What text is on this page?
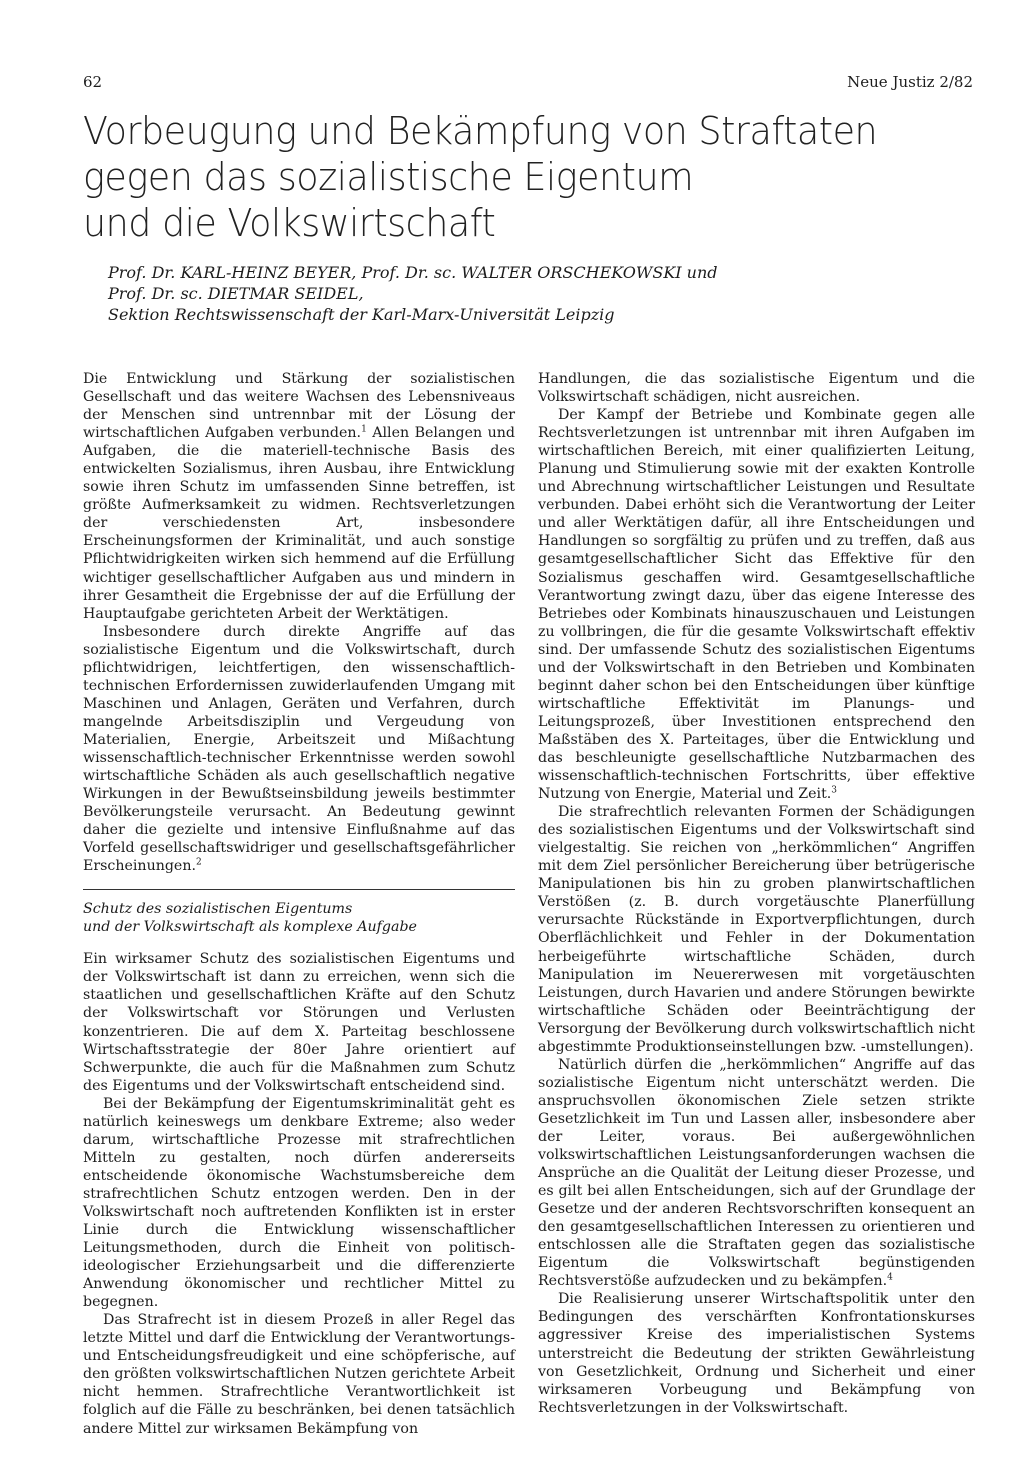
62	Neue Justiz 2/82
Vorbeugung und Bekämpfung von Straftaten
gegen das sozialistische Eigentum
und die Volkswirtschaft
Prof. Dr. KARL-HEINZ BEYER, Prof. Dr. sc. WALTER ORSCHEKOWSKI und
Prof. Dr. sc. DIETMAR SEIDEL,
Sektion Rechtswissenschaft der Karl-Marx-Universität Leipzig

Die Entwicklung und Stärkung der sozialistischen Gesellschaft und das weitere Wachsen des Lebensniveaus der Menschen sind untrennbar mit der Lösung der wirtschaftlichen Aufgaben verbunden.$^1$ Allen Belangen und Aufgaben, die die materiell-technische Basis des entwickelten Sozialismus, ihren Ausbau, ihre Entwicklung sowie ihren Schutz im umfassenden Sinne betreffen, ist größte Aufmerksamkeit zu widmen. Rechtsverletzungen der verschiedensten Art, insbesondere Erscheinungsformen der Kriminalität, und auch sonstige Pflichtwidrigkeiten wirken sich hemmend auf die Erfüllung wichtiger gesellschaftlicher Aufgaben aus und mindern in ihrer Gesamtheit die Ergebnisse der auf die Erfüllung der Hauptaufgabe gerichteten Arbeit der Werktätigen.

Insbesondere durch direkte Angriffe auf das sozialistische Eigentum und die Volkswirtschaft, durch pflichtwidrigen, leichtfertigen, den wissenschaftlich-technischen Erfordernissen zuwiderlaufenden Umgang mit Maschinen und Anlagen, Geräten und Verfahren, durch mangelnde Arbeitsdisziplin und Vergeudung von Materialien, Energie, Arbeitszeit und Mißachtung wissenschaftlich-technischer Erkenntnisse werden sowohl wirtschaftliche Schäden als auch gesellschaftlich negative Wirkungen in der Bewußtseinsbildung jeweils bestimmter Bevölkerungsteile verursacht. An Bedeutung gewinnt daher die gezielte und intensive Einflußnahme auf das Vorfeld gesellschaftswidriger und gesellschaftsgefährlicher Erscheinungen.$^2$

Schutz des sozialistischen Eigentums
und der Volkswirtschaft als komplexe Aufgabe

Ein wirksamer Schutz des sozialistischen Eigentums und der Volkswirtschaft ist dann zu erreichen, wenn sich die staatlichen und gesellschaftlichen Kräfte auf den Schutz der Volkswirtschaft vor Störungen und Verlusten konzentrieren. Die auf dem X. Parteitag beschlossene Wirtschaftsstrategie der 80er Jahre orientiert auf Schwerpunkte, die auch für die Maßnahmen zum Schutz des Eigentums und der Volkswirtschaft entscheidend sind.

Bei der Bekämpfung der Eigentumskriminalität geht es natürlich keineswegs um denkbare Extreme; also weder darum, wirtschaftliche Prozesse mit strafrechtlichen Mitteln zu gestalten, noch dürfen andererseits entscheidende ökonomische Wachstumsbereiche dem strafrechtlichen Schutz entzogen werden. Den in der Volkswirtschaft noch auftretenden Konflikten ist in erster Linie durch die Entwicklung wissenschaftlicher Leitungsmethoden, durch die Einheit von politisch-ideologischer Erziehungsarbeit und die differenzierte Anwendung ökonomischer und rechtlicher Mittel zu begegnen.

Das Strafrecht ist in diesem Prozeß in aller Regel das letzte Mittel und darf die Entwicklung der Verantwortungs- und Entscheidungsfreudigkeit und eine schöpferische, auf den größten volkswirtschaftlichen Nutzen gerichtete Arbeit nicht hemmen. Strafrechtliche Verantwortlichkeit ist folglich auf die Fälle zu beschränken, bei denen tatsächlich andere Mittel zur wirksamen Bekämpfung von

Handlungen, die das sozialistische Eigentum und die Volkswirtschaft schädigen, nicht ausreichen.

Der Kampf der Betriebe und Kombinate gegen alle Rechtsverletzungen ist untrennbar mit ihren Aufgaben im wirtschaftlichen Bereich, mit einer qualifizierten Leitung, Planung und Stimulierung sowie mit der exakten Kontrolle und Abrechnung wirtschaftlicher Leistungen und Resultate verbunden. Dabei erhöht sich die Verantwortung der Leiter und aller Werktätigen dafür, all ihre Entscheidungen und Handlungen so sorgfältig zu prüfen und zu treffen, daß aus gesamtgesellschaftlicher Sicht das Effektive für den Sozialismus geschaffen wird. Gesamtgesellschaftliche Verantwortung zwingt dazu, über das eigene Interesse des Betriebes oder Kombinats hinauszuschauen und Leistungen zu vollbringen, die für die gesamte Volkswirtschaft effektiv sind. Der umfassende Schutz des sozialistischen Eigentums und der Volkswirtschaft in den Betrieben und Kombinaten beginnt daher schon bei den Entscheidungen über künftige wirtschaftliche Effektivität im Planungs- und Leitungsprozeß, über Investitionen entsprechend den Maßstäben des X. Parteitages, über die Entwicklung und das beschleunigte gesellschaftliche Nutzbarmachen des wissenschaftlich-technischen Fortschritts, über effektive Nutzung von Energie, Material und Zeit.$^3$

Die strafrechtlich relevanten Formen der Schädigungen des sozialistischen Eigentums und der Volkswirtschaft sind vielgestaltig. Sie reichen von „herkömmlichen“ Angriffen mit dem Ziel persönlicher Bereicherung über betrügerische Manipulationen bis hin zu groben planwirtschaftlichen Verstößen (z. B. durch vorgetäuschte Planerfüllung verursachte Rückstände in Exportverpflichtungen, durch Oberflächlichkeit und Fehler in der Dokumentation herbeigeführte wirtschaftliche Schäden, durch Manipulation im Neuererwesen mit vorgetäuschten Leistungen, durch Havarien und andere Störungen bewirkte wirtschaftliche Schäden oder Beeinträchtigung der Versorgung der Bevölkerung durch volkswirtschaftlich nicht abgestimmte Produktionseinstellungen bzw. -umstellungen).

Natürlich dürfen die „herkömmlichen“ Angriffe auf das sozialistische Eigentum nicht unterschätzt werden. Die anspruchsvollen ökonomischen Ziele setzen strikte Gesetzlichkeit im Tun und Lassen aller, insbesondere aber der Leiter, voraus. Bei außergewöhnlichen volkswirtschaftlichen Leistungsanforderungen wachsen die Ansprüche an die Qualität der Leitung dieser Prozesse, und es gilt bei allen Entscheidungen, sich auf der Grundlage der Gesetze und der anderen Rechtsvorschriften konsequent an den gesamtgesellschaftlichen Interessen zu orientieren und entschlossen alle die Straftaten gegen das sozialistische Eigentum die Volkswirtschaft begünstigenden Rechtsverstöße aufzudecken und zu bekämpfen.$^4$

Die Realisierung unserer Wirtschaftspolitik unter den Bedingungen des verschärften Konfrontationskurses aggressiver Kreise des imperialistischen Systems unterstreicht die Bedeutung der strikten Gewährleistung von Gesetzlichkeit, Ordnung und Sicherheit und einer wirksameren Vorbeugung und Bekämpfung von Rechtsverletzungen in der Volkswirtschaft.
